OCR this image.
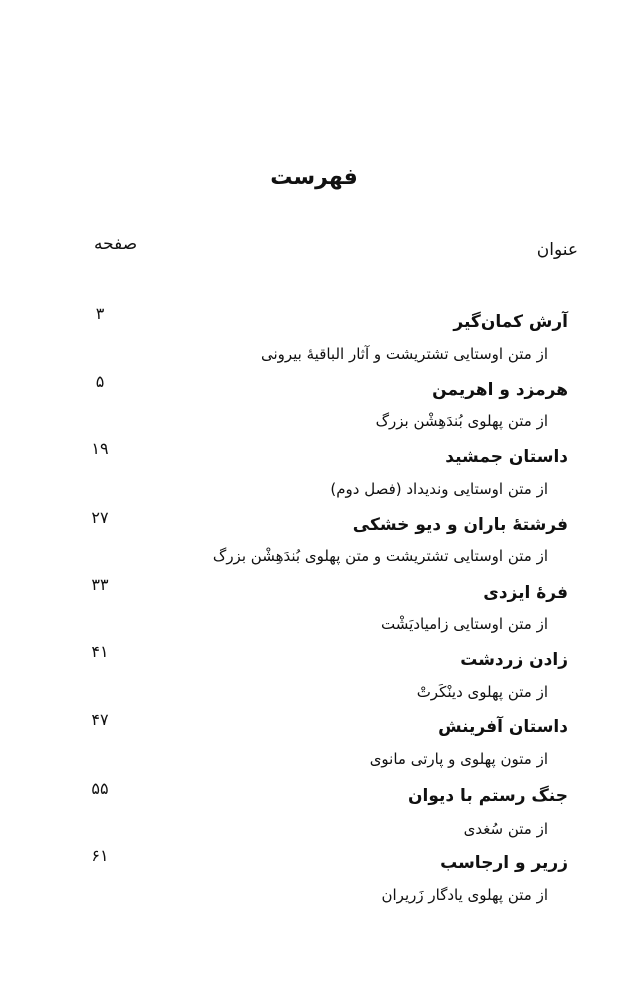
فهرست
عنوان
صفحه
آرش کمان‌گیر
۳
از متن اوستایی تشتریشت و آثار الباقیهٔ بیرونی
هرمزد و اهریمن
۵
از متن پهلوی بُندَهِشْن بزرگ
داستان جمشید
۱۹
از متن اوستایی وندیداد (فصل دوم)
فرشتهٔ باران و دیو خشکی
۲۷
از متن اوستایی تشتریشت و متن پهلوی بُندَهِشْن بزرگ
فرهٔ ایزدی
۳۳
از متن اوستایی زامیادیَشْت
زادن زردشت
۴۱
از متن پهلوی دینْکَرتْ
داستان آفرینش
۴۷
از متون پهلوی و پارتی مانوی
جنگ رستم با دیوان
۵۵
از متن سُغدی
زریر و ارجاسب
۶۱
از متن پهلوی یادگار زَریران
